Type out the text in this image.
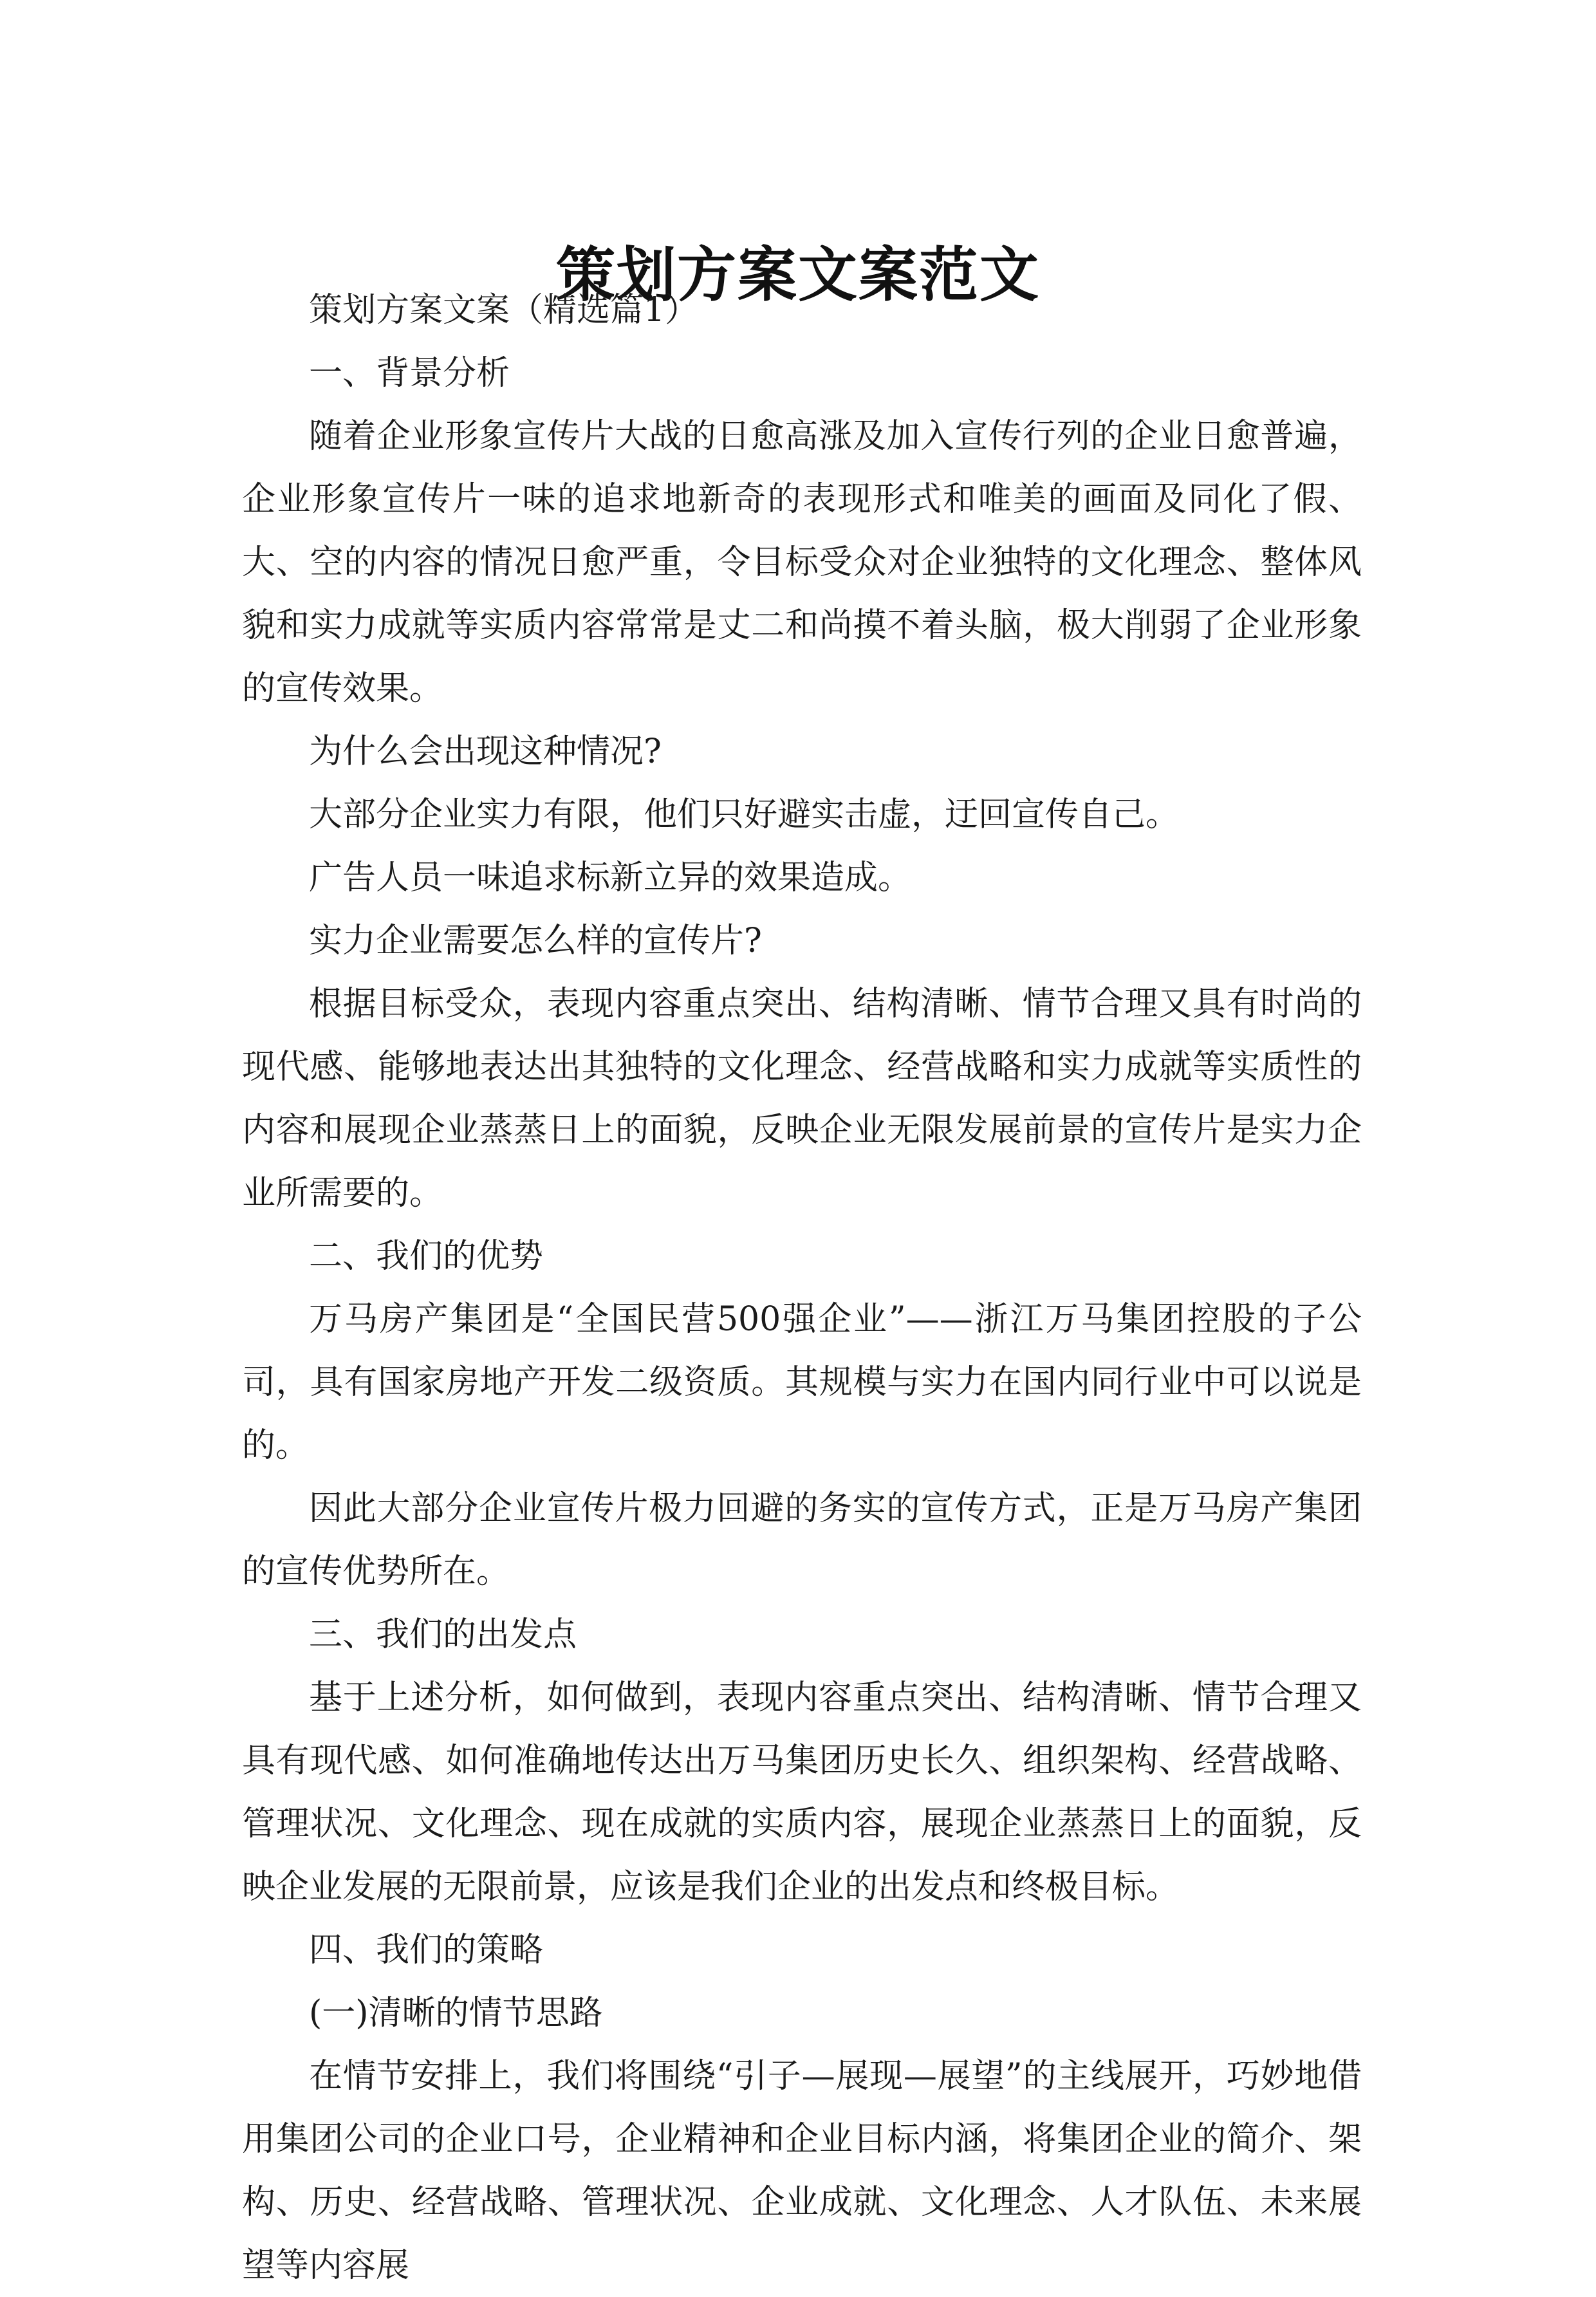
策划方案文案范文

策划方案文案（精选篇1）

一、背景分析

随着企业形象宣传片大战的日愈高涨及加入宣传行列的企业日愈普遍，企业形象宣传片一味的追求地新奇的表现形式和唯美的画面及同化了假、大、空的内容的情况日愈严重，令目标受众对企业独特的文化理念、整体风貌和实力成就等实质内容常常是丈二和尚摸不着头脑，极大削弱了企业形象的宣传效果。

为什么会出现这种情况?

大部分企业实力有限，他们只好避实击虚，迂回宣传自己。

广告人员一味追求标新立异的效果造成。

实力企业需要怎么样的宣传片?

根据目标受众，表现内容重点突出、结构清晰、情节合理又具有时尚的现代感、能够地表达出其独特的文化理念、经营战略和实力成就等实质性的内容和展现企业蒸蒸日上的面貌，反映企业无限发展前景的宣传片是实力企业所需要的。

二、我们的优势

万马房产集团是“全国民营500强企业”——浙江万马集团控股的子公司，具有国家房地产开发二级资质。其规模与实力在国内同行业中可以说是的。

因此大部分企业宣传片极力回避的务实的宣传方式，正是万马房产集团的宣传优势所在。

三、我们的出发点

基于上述分析，如何做到，表现内容重点突出、结构清晰、情节合理又具有现代感、如何准确地传达出万马集团历史长久、组织架构、经营战略、管理状况、文化理念、现在成就的实质内容，展现企业蒸蒸日上的面貌，反映企业发展的无限前景，应该是我们企业的出发点和终极目标。

四、我们的策略

(一)清晰的情节思路

在情节安排上，我们将围绕“引子—展现—展望”的主线展开，巧妙地借用集团公司的企业口号，企业精神和企业目标内涵，将集团企业的简介、架构、历史、经营战略、管理状况、企业成就、文化理念、人才队伍、未来展望等内容展
